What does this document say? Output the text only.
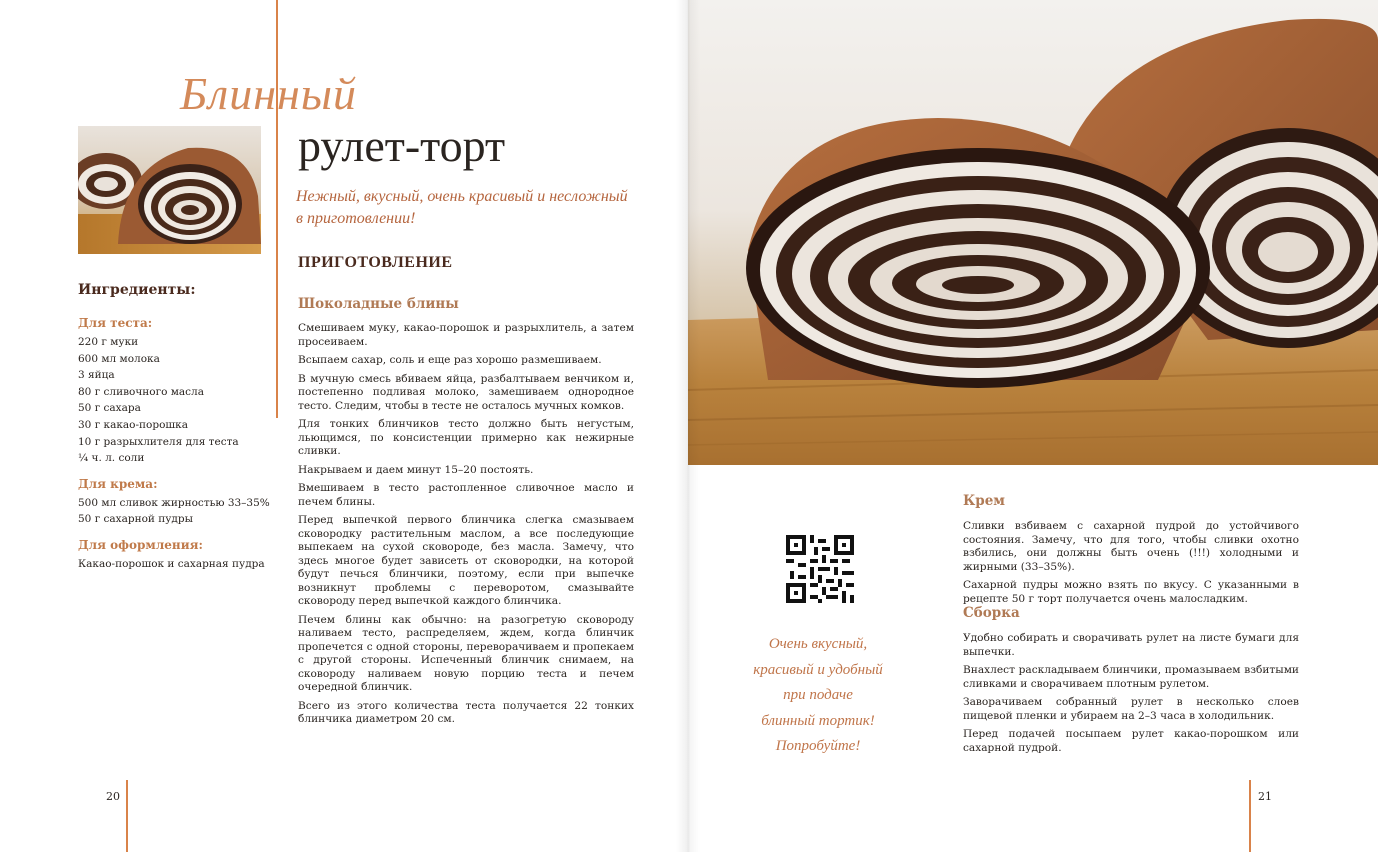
Блинный
рулет-торт
Нежный, вкусный, очень красивый и несложный
в приготовлении!
Ингредиенты:
Для теста:
220 г муки
600 мл молока
3 яйца
80 г сливочного масла
50 г сахара
30 г какао-порошка
10 г разрыхлителя для теста
¼ ч. л. соли
Для крема:
500 мл сливок жирностью 33–35%
50 г сахарной пудры
Для оформления:
Какао-порошок и сахарная пудра
ПРИГОТОВЛЕНИЕ
Шоколадные блины

Смешиваем муку, какао-порошок и разрыхлитель, а затем просеиваем.

Всыпаем сахар, соль и еще раз хорошо размешиваем.

В мучную смесь вбиваем яйца, разбалтываем венчиком и, постепенно подливая молоко, замешиваем однородное тесто. Следим, чтобы в тесте не осталось мучных комков.

Для тонких блинчиков тесто должно быть негустым, льющимся, по консистенции примерно как нежирные сливки.

Накрываем и даем минут 15–20 постоять.

Вмешиваем в тесто растопленное сливочное масло и печем блины.

Перед выпечкой первого блинчика слегка смазываем сковородку растительным маслом, а все последующие выпекаем на сухой сковороде, без масла. Замечу, что здесь многое будет зависеть от сковородки, на которой будут печься блинчики, поэтому, если при выпечке возникнут проблемы с переворотом, смазывайте сковороду перед выпечкой каждого блинчика.

Печем блины как обычно: на разогретую сковороду наливаем тесто, распределяем, ждем, когда блинчик пропечется с одной стороны, переворачиваем и пропекаем с другой стороны. Испеченный блинчик снимаем, на сковороду наливаем новую порцию теста и печем очередной блинчик.

Всего из этого количества теста получается 22 тонких блинчика диаметром 20 см.

20
Очень вкусный,
красивый и удобный
при подаче
блинный тортик!
Попробуйте!
Крем

Сливки взбиваем с сахарной пудрой до устойчивого состояния. Замечу, что для того, чтобы сливки охотно взбились, они должны быть очень (!!!) холодными и жирными (33–35%).

Сахарной пудры можно взять по вкусу. С указанными в рецепте 50 г торт получается очень малосладким.

Сборка

Удобно собирать и сворачивать рулет на листе бумаги для выпечки.

Внахлест раскладываем блинчики, промазываем взбитыми сливками и сворачиваем плотным рулетом.

Заворачиваем собранный рулет в несколько слоев пищевой пленки и убираем на 2–3 часа в холодильник.

Перед подачей посыпаем рулет какао-порошком или сахарной пудрой.

21
